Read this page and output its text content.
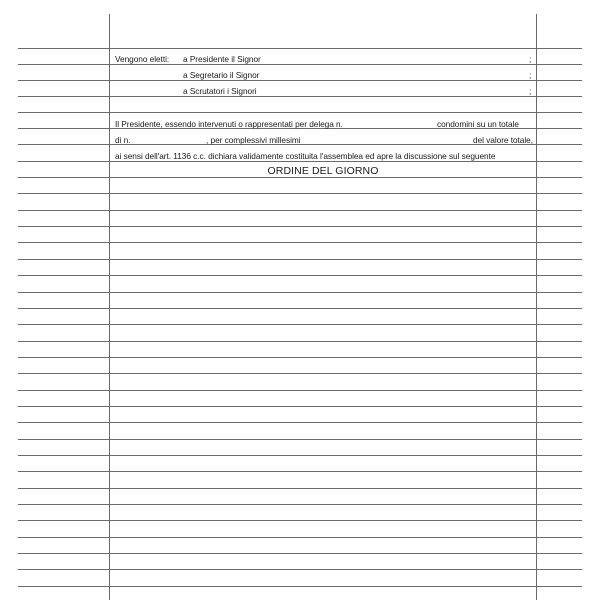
Vengono eletti: a Presidente il Signor	;
a Segretario il Signor	;
a Scrutatori i Signori	;
Il Presidente, essendo intervenuti o rappresentati per delega n.	condomini su un totale
di n.	, per complessivi millesimi	del valore totale,
ai sensi dell'art. 1136 c.c. dichiara validamente costituita l'assemblea ed apre la discussione sul seguente
ORDINE DEL GIORNO
